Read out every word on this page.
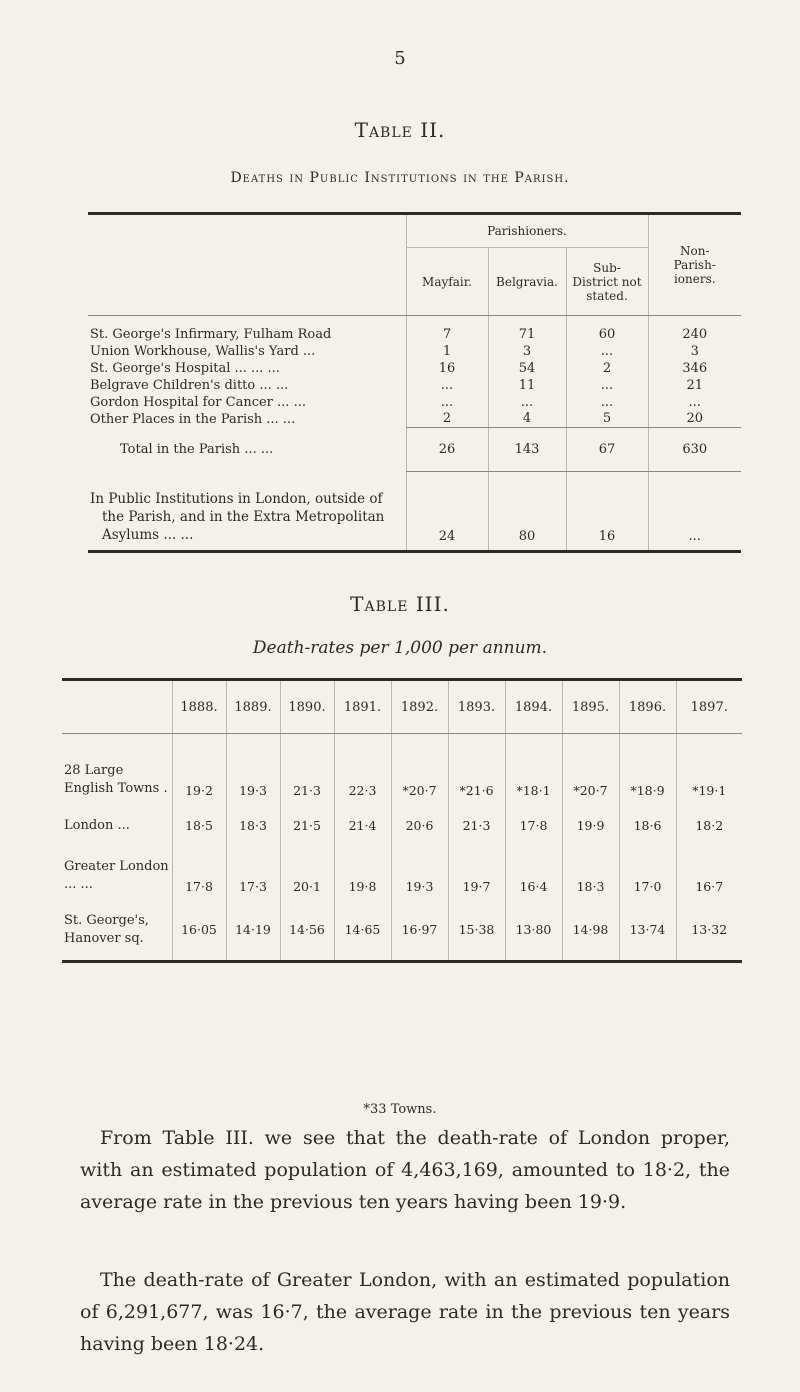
5
Table II.
Deaths in Public Institutions in the Parish.
	Parishioners.			Non-Parish-ioners.
	Mayfair.	Belgravia.	Sub-District not stated.	

St. George's Infirmary, Fulham Road	7	71	60	240
Union Workhouse, Wallis's Yard ...	1	3	...	3
St. George's Hospital ... ... ...	16	54	2	346
Belgrave Children's ditto ... ...	...	11	...	21
Gordon Hospital for Cancer ... ...	...	...	...	...
Other Places in the Parish ... ...	2	4	5	20
Total in the Parish ... ...	26	143	67	630
In Public Institutions in London, outside of the Parish, and in the Extra Metropolitan Asylums ... ...	24	80	16	...
Table III.
Death-rates per 1,000 per annum.
	1888.	1889.	1890.	1891.	1892.	1893.	1894.	1895.	1896.	1897.

28 Large English Towns .	19·2	19·3	21·3	22·3	*20·7	*21·6	*18·1	*20·7	*18·9	*19·1
London ...	18·5	18·3	21·5	21·4	20·6	21·3	17·8	19·9	18·6	18·2
Greater London ... ...	17·8	17·3	20·1	19·8	19·3	19·7	16·4	18·3	17·0	16·7
St. George's, Hanover sq.	16·05	14·19	14·56	14·65	16·97	15·38	13·80	14·98	13·74	13·32
*33 Towns.

From Table III. we see that the death-rate of London proper, with an estimated population of 4,463,169, amounted to 18·2, the average rate in the previous ten years having been 19·9.

The death-rate of Greater London, with an estimated population of 6,291,677, was 16·7, the average rate in the previous ten years having been 18·24.
